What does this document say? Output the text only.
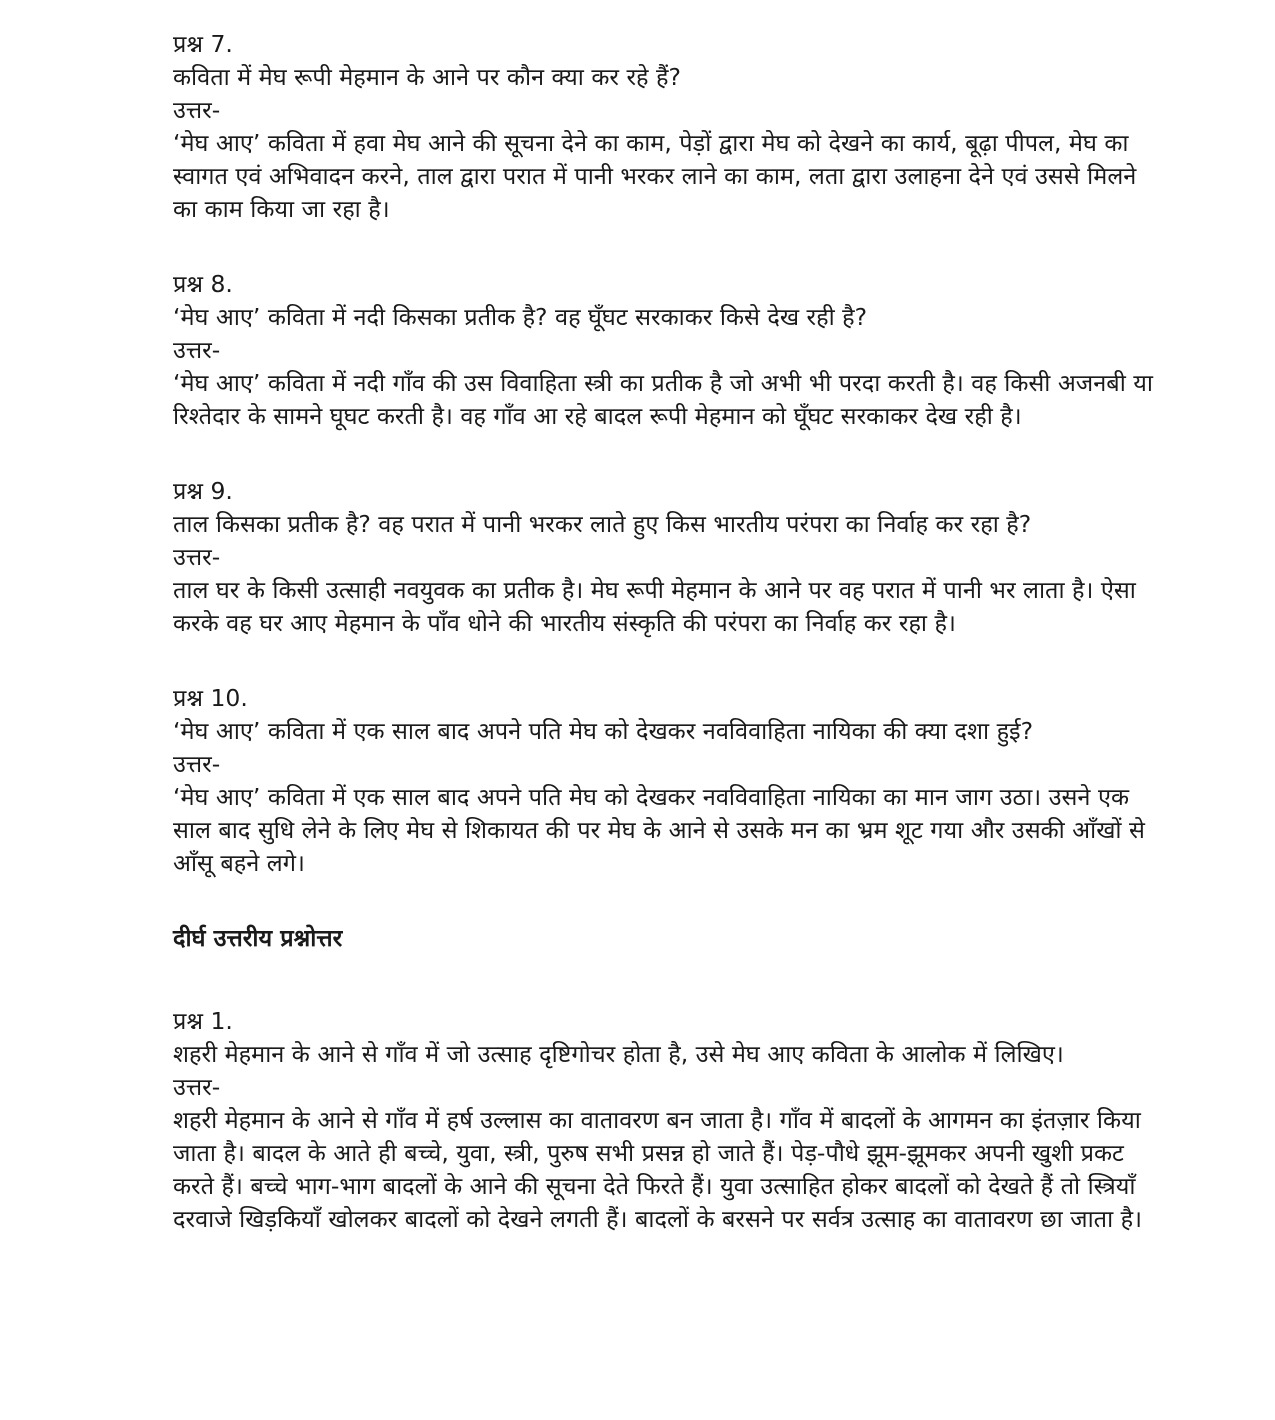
प्रश्न 7.

कविता में मेघ रूपी मेहमान के आने पर कौन क्या कर रहे हैं?

उत्तर-

‘मेघ आए’ कविता में हवा मेघ आने की सूचना देने का काम, पेड़ों द्वारा मेघ को देखने का कार्य, बूढ़ा पीपल, मेघ का स्वागत एवं अभिवादन करने, ताल द्वारा परात में पानी भरकर लाने का काम, लता द्वारा उलाहना देने एवं उससे मिलने का काम किया जा रहा है।

प्रश्न 8.

‘मेघ आए’ कविता में नदी किसका प्रतीक है? वह घूँघट सरकाकर किसे देख रही है?

उत्तर-

‘मेघ आए’ कविता में नदी गाँव की उस विवाहिता स्त्री का प्रतीक है जो अभी भी परदा करती है। वह किसी अजनबी या रिश्तेदार के सामने घूघट करती है। वह गाँव आ रहे बादल रूपी मेहमान को घूँघट सरकाकर देख रही है।

प्रश्न 9.

ताल किसका प्रतीक है? वह परात में पानी भरकर लाते हुए किस भारतीय परंपरा का निर्वाह कर रहा है?

उत्तर-

ताल घर के किसी उत्साही नवयुवक का प्रतीक है। मेघ रूपी मेहमान के आने पर वह परात में पानी भर लाता है। ऐसा करके वह घर आए मेहमान के पाँव धोने की भारतीय संस्कृति की परंपरा का निर्वाह कर रहा है।

प्रश्न 10.

‘मेघ आए’ कविता में एक साल बाद अपने पति मेघ को देखकर नवविवाहिता नायिका की क्या दशा हुई?

उत्तर-

‘मेघ आए’ कविता में एक साल बाद अपने पति मेघ को देखकर नवविवाहिता नायिका का मान जाग उठा। उसने एक साल बाद सुधि लेने के लिए मेघ से शिकायत की पर मेघ के आने से उसके मन का भ्रम शूट गया और उसकी आँखों से आँसू बहने लगे।

दीर्घ उत्तरीय प्रश्नोत्तर

प्रश्न 1.

शहरी मेहमान के आने से गाँव में जो उत्साह दृष्टिगोचर होता है, उसे मेघ आए कविता के आलोक में लिखिए।

उत्तर-

शहरी मेहमान के आने से गाँव में हर्ष उल्लास का वातावरण बन जाता है। गाँव में बादलों के आगमन का इंतज़ार किया जाता है। बादल के आते ही बच्चे, युवा, स्त्री, पुरुष सभी प्रसन्न हो जाते हैं। पेड़-पौधे झूम-झूमकर अपनी खुशी प्रकट करते हैं। बच्चे भाग-भाग बादलों के आने की सूचना देते फिरते हैं। युवा उत्साहित होकर बादलों को देखते हैं तो स्त्रियाँ दरवाजे खिड़कियाँ खोलकर बादलों को देखने लगती हैं। बादलों के बरसने पर सर्वत्र उत्साह का वातावरण छा जाता है।
